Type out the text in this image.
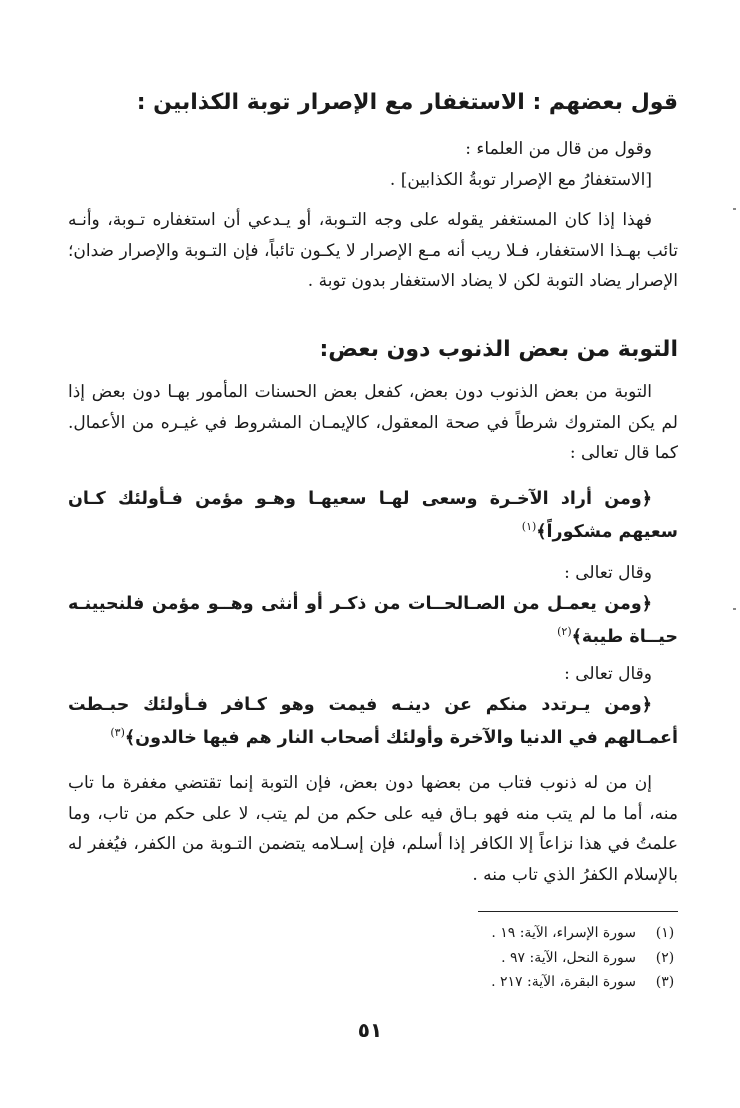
قول بعضهم : الاستغفار مع الإصرار توبة الكذابين :
وقول من قال من العلماء :
[الاستغفارُ مع الإصرار توبةُ الكذابين] .
فهذا إذا كان المستغفر يقوله على وجه التـوبة، أو يـدعي أن استغفاره تـوبة، وأنـه تائب بهـذا الاستغفار، فـلا ريب أنه مـع الإصرار لا يكـون تائباً، فإن التـوبة والإصرار ضدان؛ الإصرار يضاد التوبة لكن لا يضاد الاستغفار بدون توبة .
التوبة من بعض الذنوب دون بعض:
التوبة من بعض الذنوب دون بعض، كفعل بعض الحسنات المأمور بهـا دون بعض إذا لم يكن المتروك شرطاً في صحة المعقول، كالإيمـان المشروط في غيـره من الأعمال. كما قال تعالى :
﴿ومن أراد الآخـرة وسعى لهـا سعيهـا وهـو مؤمن فـأولئك كـان سعيهم مشكوراً﴾$^{(١)}$
وقال تعالى :
﴿ومن يعمـل من الصـالحــات من ذكـر أو أنثى وهــو مؤمن فلنحيينـه حيــاة طيبة﴾$^{(٢)}$
وقال تعالى :
﴿ومن يـرتدد منكم عن دينـه فيمت وهو كـافر فـأولئك حبـطت أعمـالهم في الدنيا والآخرة وأولئك أصحاب النار هم فيها خالدون﴾$^{(٣)}$
إن من له ذنوب فتاب من بعضها دون بعض، فإن التوبة إنما تقتضي مغفرة ما تاب منه، أما ما لم يتب منه فهو بـاق فيه على حكم من لم يتب، لا على حكم من تاب، وما علمتُ في هذا نزاعاً إلا الكافر إذا أسلم، فإن إسـلامه يتضمن التـوبة من الكفر، فيُغفر له بالإسلام الكفرُ الذي تاب منه .
(١)
سورة الإسراء، الآية: ١٩ .
(٢)
سورة النحل، الآية: ٩٧ .
(٣)
سورة البقرة، الآية: ٢١٧ .
٥١
